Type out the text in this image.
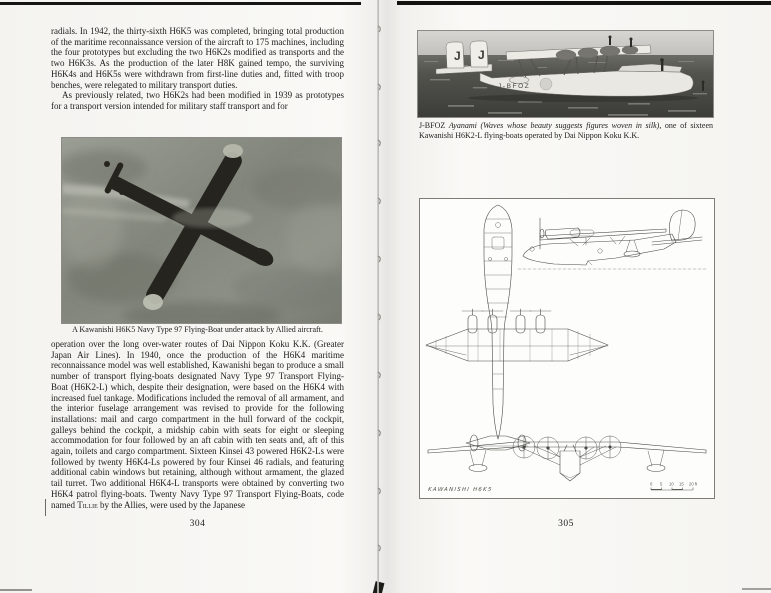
radials. In 1942, the thirty-sixth H6K5 was completed, bringing total production of the maritime reconnaissance version of the aircraft to 175 machines, including the four prototypes but excluding the two H6K2s modified as transports and the two H6K3s. As the production of the later H8K gained tempo, the surviving H6K4s and H6K5s were withdrawn from first-line duties and, fitted with troop benches, were relegated to military transport duties.
As previously related, two H6K2s had been modified in 1939 as prototypes for a transport version intended for military staff transport and for
A Kawanishi H6K5 Navy Type 97 Flying-Boat under attack by Allied aircraft.
operation over the long over-water routes of Dai Nippon Koku K.K. (Greater Japan Air Lines). In 1940, once the production of the H6K4 maritime reconnaissance model was well established, Kawanishi began to produce a small number of transport flying-boats designated Navy Type 97 Transport Flying-Boat (H6K2-L) which, despite their designation, were based on the H6K4 with increased fuel tankage. Modifications included the removal of all armament, and the interior fuselage arrangement was revised to provide for the following installations: mail and cargo compartment in the hull forward of the cockpit, galleys behind the cockpit, a midship cabin with seats for eight or sleeping accommodation for four followed by an aft cabin with ten seats and, aft of this again, toilets and cargo compartment. Sixteen Kinsei 43 powered H6K2-Ls were followed by twenty H6K4-Ls powered by four Kinsei 46 radials, and featuring additional cabin windows but retaining, although without armament, the glazed tail turret. Two additional H6K4-L transports were obtained by converting two H6K4 patrol flying-boats. Twenty Navy Type 97 Transport Flying-Boats, code named Tillie by the Allies, were used by the Japanese
304
J J
J-BFOZ
J-BFOZ Ayanami (Waves whose beauty suggests figures woven in silk), one of sixteen Kawanishi H6K2-L flying-boats operated by Dai Nippon Koku K.K.
KAWANISHI H6K5
0 5 10 15 20 ft
305
